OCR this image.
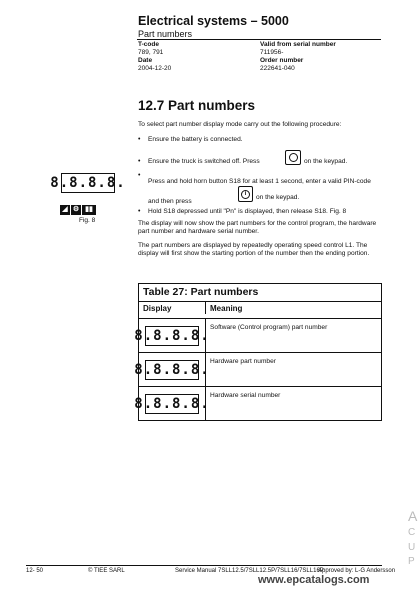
Electrical systems – 5000
Part numbers
T-code
789, 791
Date
2004-12-20
Valid from serial number
711956-
Order number
222641-040
12.7 Part numbers
To select part number display mode carry out the following procedure:
• Ensure the battery is connected.
• Ensure the truck is switched off. Press	on the keypad.
•
Press and hold horn button S18 for at least 1 second, enter a valid PIN-code and then press
i	on the keypad.
• Hold S18 depressed until "Pn" is displayed, then release S18. Fig. 8
The display will now show the part numbers for the control program, the hardware part number and hardware serial number.
The part numbers are displayed by repeatedly operating speed control L1. The display will first show the starting portion of the number then the ending portion.
8.8.8.8.
◢ ⚙ ▮▮
Fig. 8
Table 27: Part numbers
Display	Meaning
8.8.8.8. Software (Control program) part number
8.8.8.8. Hardware part number
8.8.8.8. Hardware serial number
A
C
U
P
12- 50	© TIEE SARL	Service Manual 7SLL12.5/7SLL12.5P/7SLL16/7SLL16P
Approved by: L-G Andersson
www.epcatalogs.com
